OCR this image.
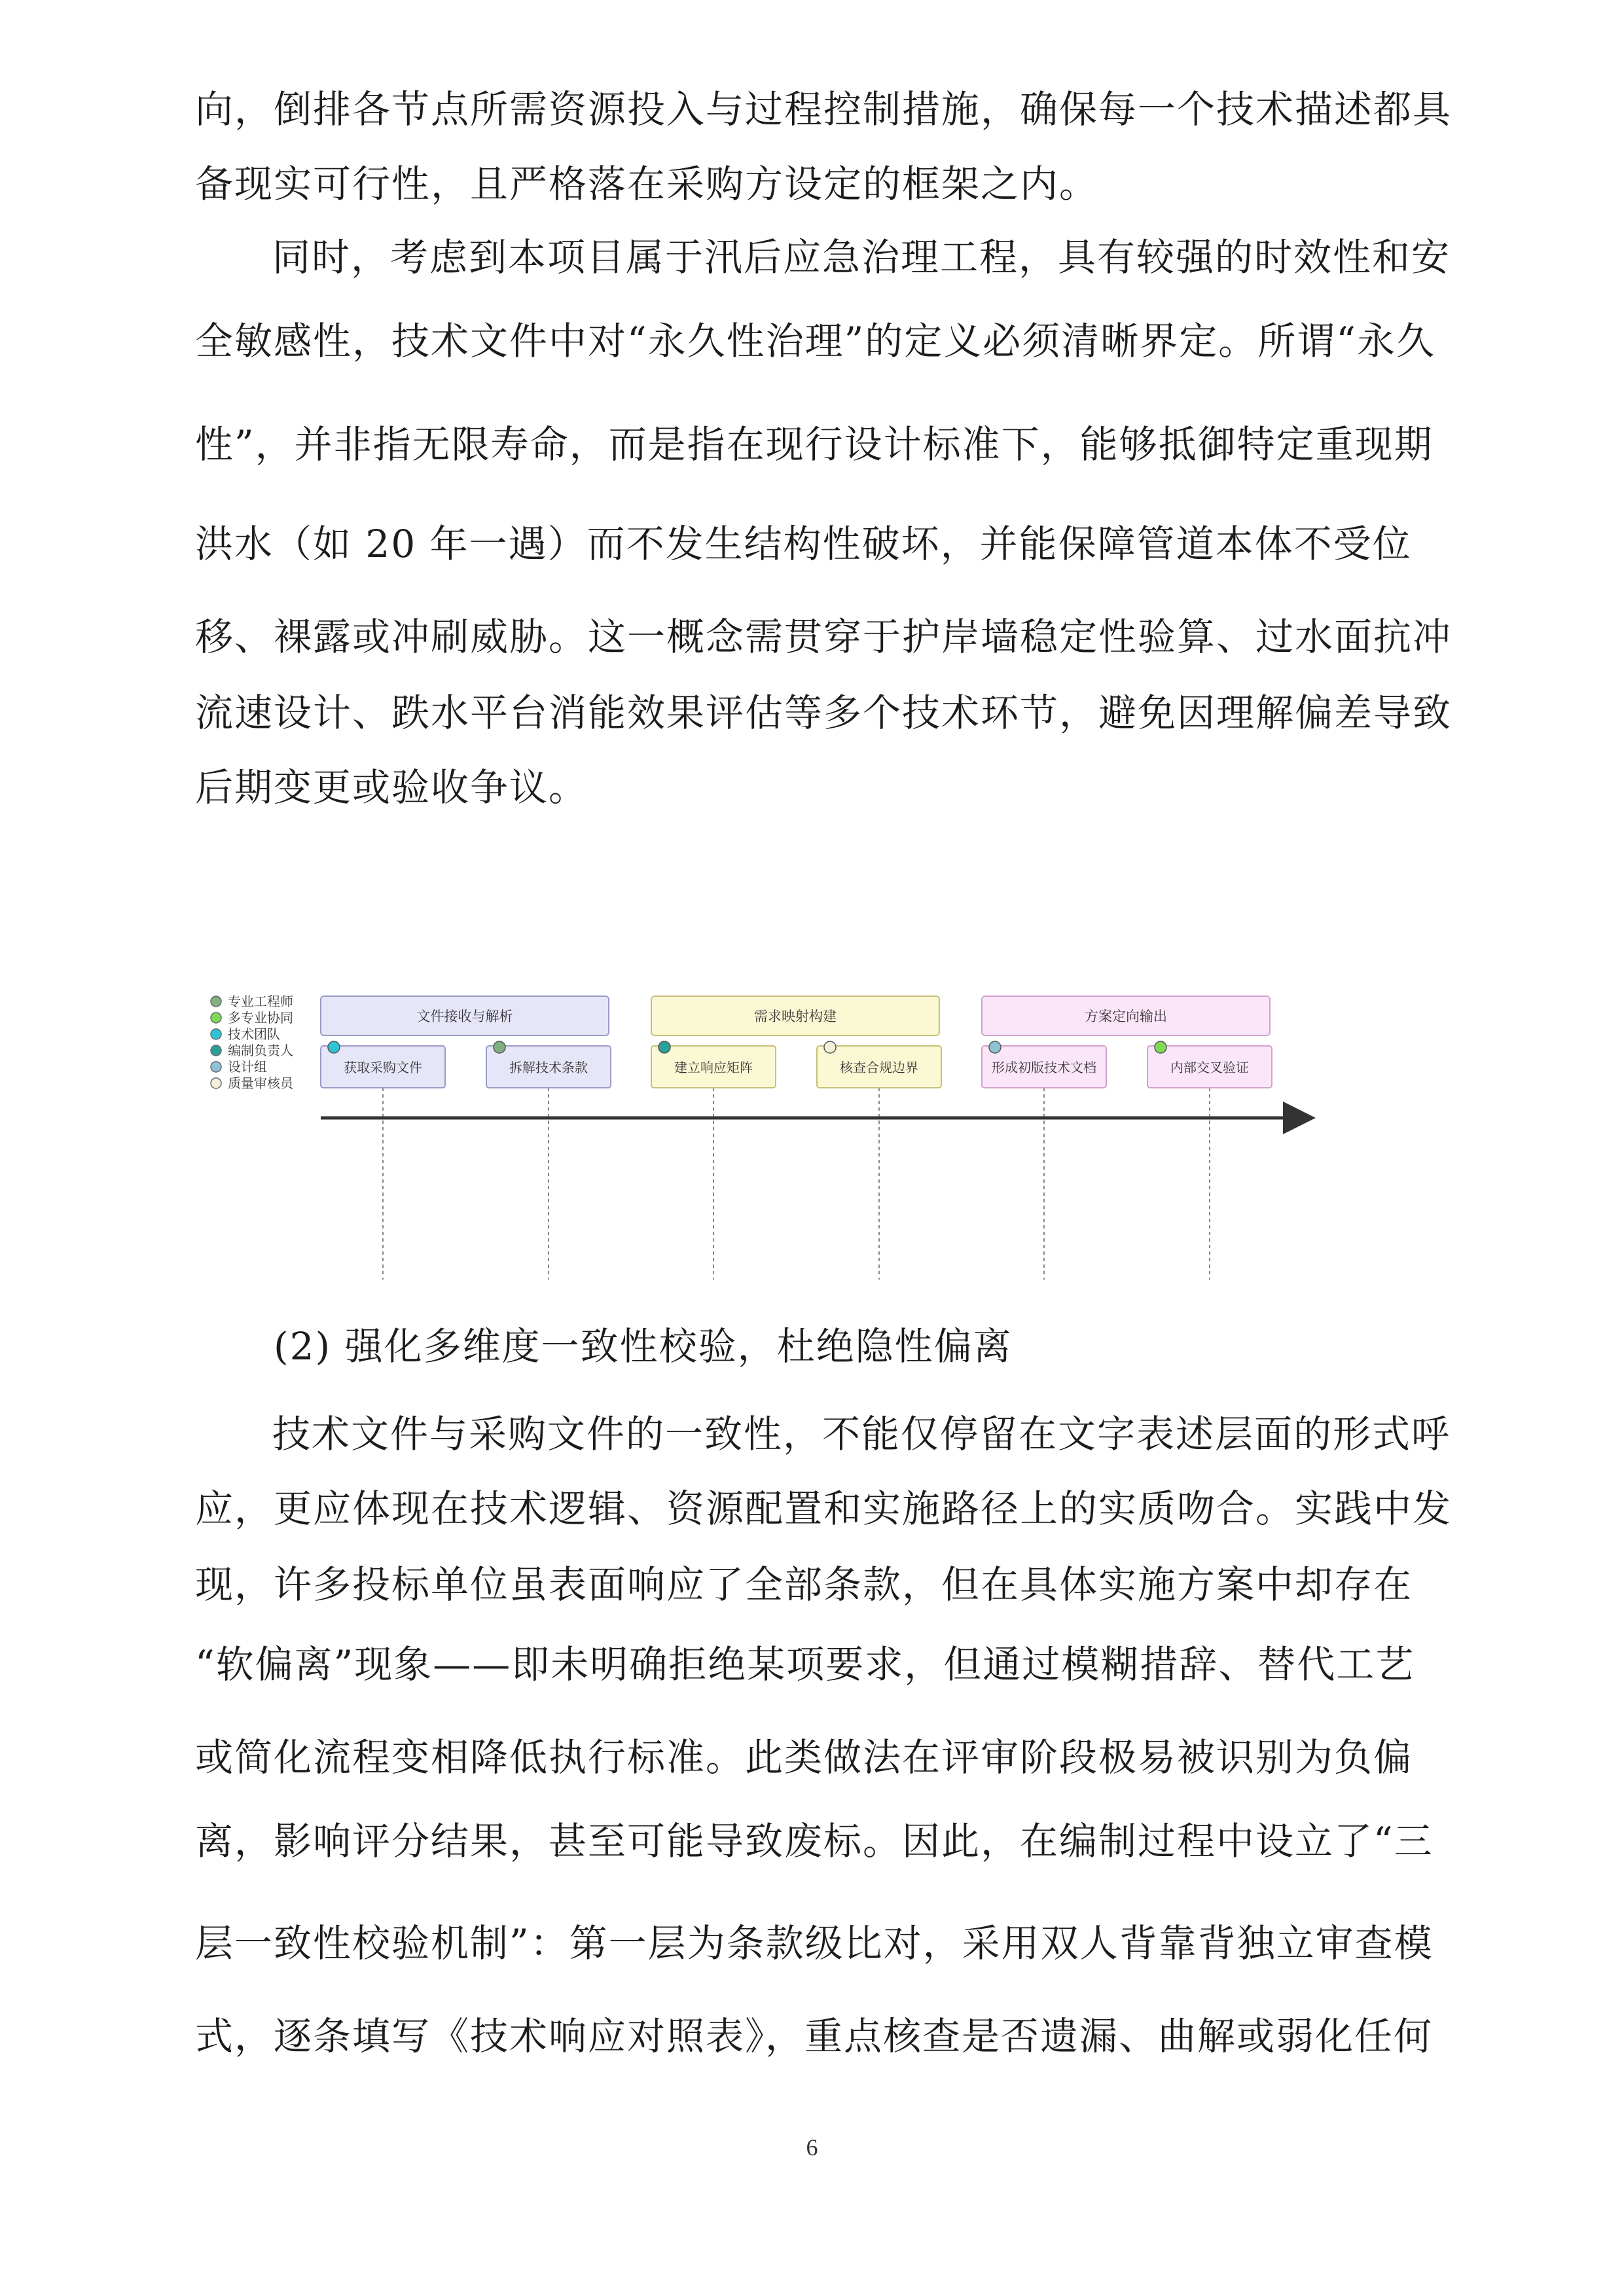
向，倒排各节点所需资源投入与过程控制措施，确保每一个技术描述都具
备现实可行性，且严格落在采购方设定的框架之内。
同时，考虑到本项目属于汛后应急治理工程，具有较强的时效性和安
全敏感性，技术文件中对“永久性治理”的定义必须清晰界定。所谓“永久
性”，并非指无限寿命，而是指在现行设计标准下，能够抵御特定重现期
洪水（如 20 年一遇）而不发生结构性破坏，并能保障管道本体不受位
移、裸露或冲刷威胁。这一概念需贯穿于护岸墙稳定性验算、过水面抗冲
流速设计、跌水平台消能效果评估等多个技术环节，避免因理解偏差导致
后期变更或验收争议。
专业工程师
多专业协同
技术团队
编制负责人
设计组
质量审核员
文件接收与解析	需求映射构建	方案定向输出
获取采购文件	拆解技术条款	建立响应矩阵	核查合规边界	形成初版技术文档	内部交叉验证
(2) 强化多维度一致性校验，杜绝隐性偏离
技术文件与采购文件的一致性，不能仅停留在文字表述层面的形式呼
应，更应体现在技术逻辑、资源配置和实施路径上的实质吻合。实践中发
现，许多投标单位虽表面响应了全部条款，但在具体实施方案中却存在
“软偏离”现象——即未明确拒绝某项要求，但通过模糊措辞、替代工艺
或简化流程变相降低执行标准。此类做法在评审阶段极易被识别为负偏
离，影响评分结果，甚至可能导致废标。因此，在编制过程中设立了“三
层一致性校验机制”：第一层为条款级比对，采用双人背靠背独立审查模
式，逐条填写《技术响应对照表》，重点核查是否遗漏、曲解或弱化任何
6
